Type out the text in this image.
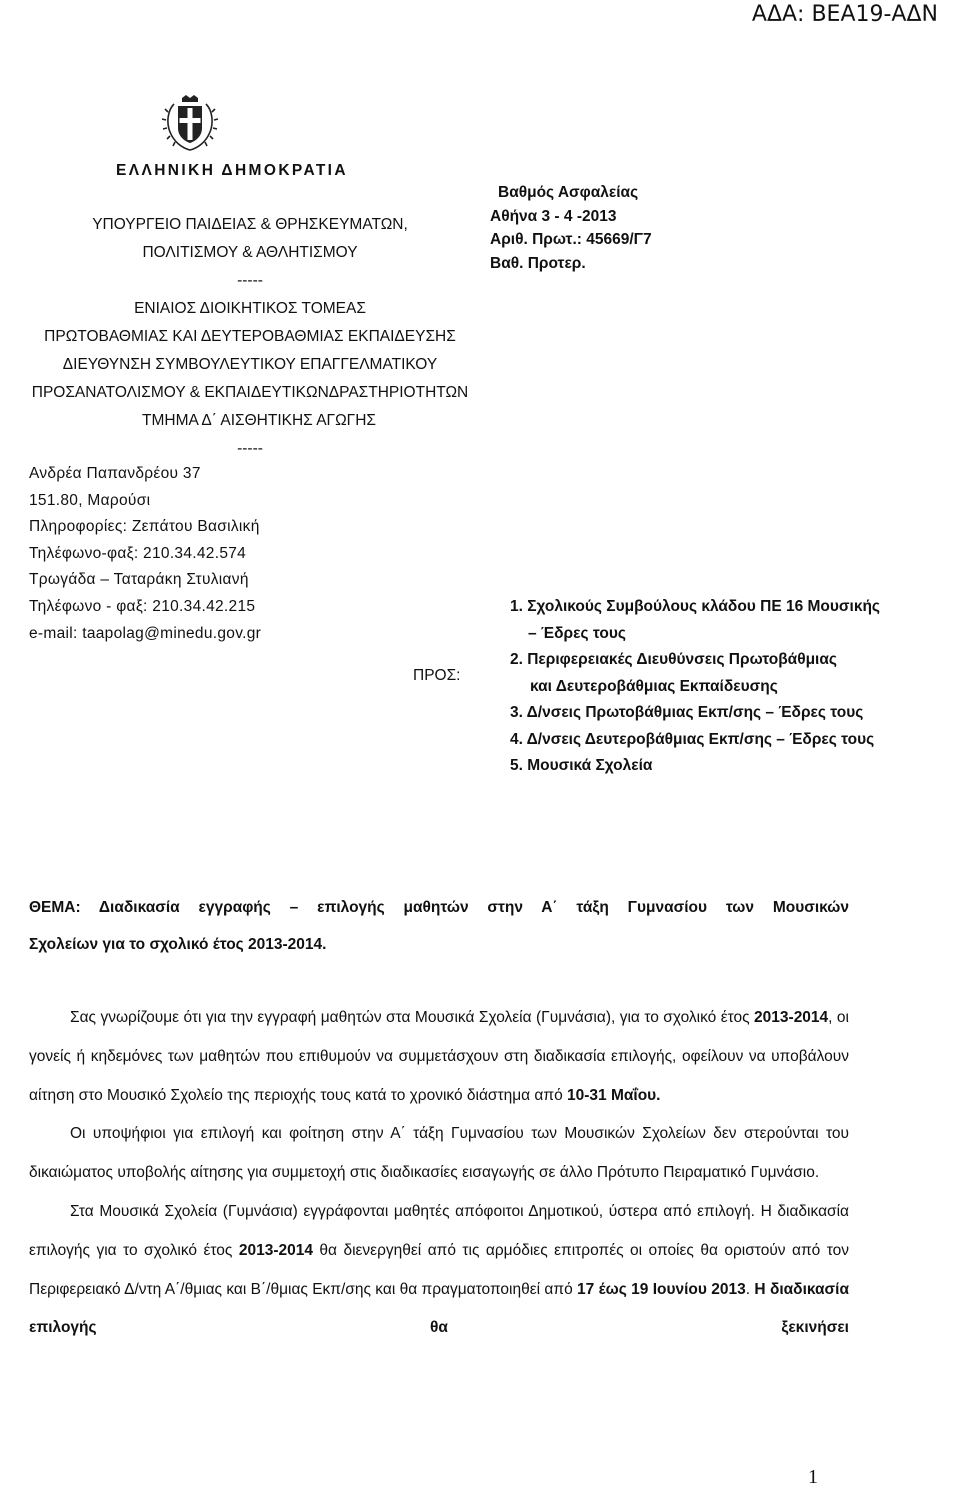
ΑΔΑ: ΒΕΑ19-ΑΔΝ
ΕΛΛΗΝΙΚΗ ΔΗΜΟΚΡΑΤΙΑ
ΥΠΟΥΡΓΕΙΟ ΠΑΙΔΕΙΑΣ & ΘΡΗΣΚΕΥΜΑΤΩΝ,
ΠΟΛΙΤΙΣΜΟΥ & ΑΘΛΗΤΙΣΜΟΥ
-----
ΕΝΙΑΙΟΣ ΔΙΟΙΚΗΤΙΚΟΣ ΤΟΜΕΑΣ
ΠΡΩΤΟΒΑΘΜΙΑΣ ΚΑΙ ΔΕΥΤΕΡΟΒΑΘΜΙΑΣ ΕΚΠΑΙΔΕΥΣΗΣ
ΔΙΕΥΘΥΝΣΗ ΣΥΜΒΟΥΛΕΥΤΙΚΟΥ ΕΠΑΓΓΕΛΜΑΤΙΚΟΥ
ΠΡΟΣΑΝΑΤΟΛΙΣΜΟΥ & ΕΚΠΑΙΔΕΥΤΙΚΩΝΔΡΑΣΤΗΡΙΟΤΗΤΩΝ
ΤΜΗΜΑ Δ΄ ΑΙΣΘΗΤΙΚΗΣ ΑΓΩΓΗΣ
-----
Ανδρέα Παπανδρέου 37
151.80, Μαρούσι
Πληροφορίες: Ζεπάτου Βασιλική
Τηλέφωνο-φαξ: 210.34.42.574
Τρωγάδα – Ταταράκη Στυλιανή
Τηλέφωνο - φαξ: 210.34.42.215
e-mail: taapolag@minedu.gov.gr
Βαθμός Ασφαλείας
Αθήνα 3 - 4 -2013
Αριθ. Πρωτ.: 45669/Γ7
Βαθ. Προτερ.
ΠΡΟΣ:
1. Σχολικούς Συμβούλους κλάδου ΠΕ 16 Μουσικής
– Έδρες τους
2. Περιφερειακές Διευθύνσεις Πρωτοβάθμιας
και Δευτεροβάθμιας Εκπαίδευσης
3. Δ/νσεις Πρωτοβάθμιας Εκπ/σης – Έδρες τους
4. Δ/νσεις Δευτεροβάθμιας Εκπ/σης – Έδρες τους
5. Μουσικά Σχολεία
ΘΕΜΑ: Διαδικασία εγγραφής – επιλογής μαθητών στην Α΄ τάξη Γυμνασίου των Μουσικών
Σχολείων για το σχολικό έτος 2013-2014.

Σας γνωρίζουμε ότι για την εγγραφή μαθητών στα Μουσικά Σχολεία (Γυμνάσια), για το σχολικό έτος 2013-2014, οι γονείς ή κηδεμόνες των μαθητών που επιθυμούν να συμμετάσχουν στη διαδικασία επιλογής, οφείλουν να υποβάλουν αίτηση στο Μουσικό Σχολείο της περιοχής τους κατά το χρονικό διάστημα από 10-31 Μαΐου.

Οι υποψήφιοι για επιλογή και φοίτηση στην Α΄ τάξη Γυμνασίου των Μουσικών Σχολείων δεν στερούνται του δικαιώματος υποβολής αίτησης για συμμετοχή στις διαδικασίες εισαγωγής σε άλλο Πρότυπο Πειραματικό Γυμνάσιο.

Στα Μουσικά Σχολεία (Γυμνάσια) εγγράφονται μαθητές απόφοιτοι Δημοτικού, ύστερα από επιλογή. Η διαδικασία επιλογής για το σχολικό έτος 2013-2014 θα διενεργηθεί από τις αρμόδιες επιτροπές οι οποίες θα οριστούν από τον Περιφερειακό Δ/ντη Α΄/θμιας και Β΄/θμιας Εκπ/σης και θα πραγματοποιηθεί από 17 έως 19 Ιουνίου 2013. Η διαδικασία επιλογής θα ξεκινήσει

1
